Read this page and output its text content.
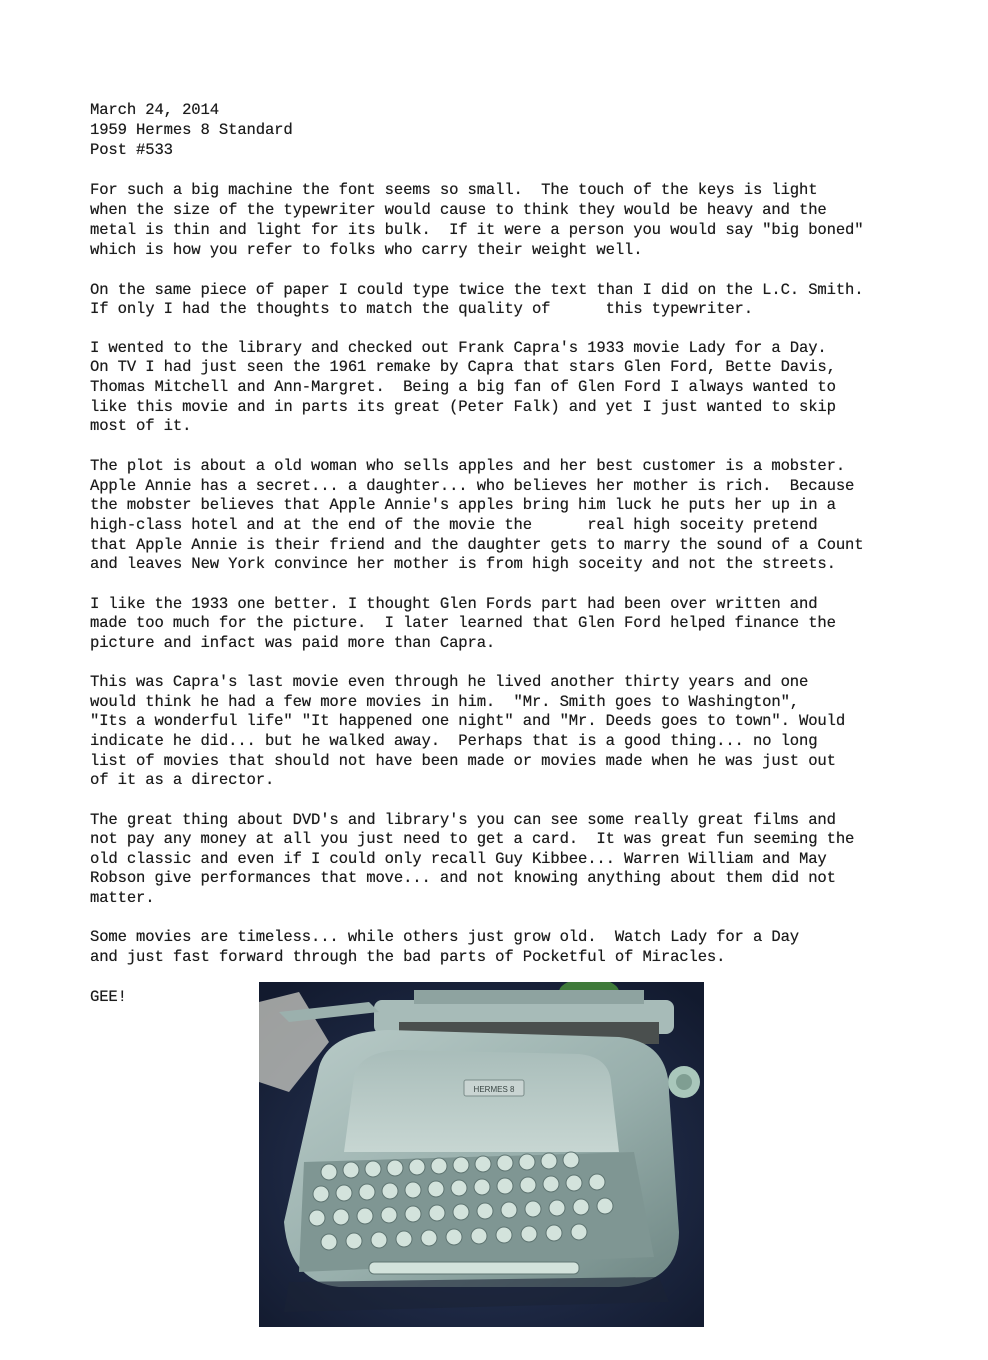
March 24, 2014
1959 Hermes 8 Standard
Post #533
For such a big machine the font seems so small.  The touch of the keys is light
when the size of the typewriter would cause to think they would be heavy and the
metal is thin and light for its bulk.  If it were a person you would say "big boned"
which is how you refer to folks who carry their weight well.
On the same piece of paper I could type twice the text than I did on the L.C. Smith.
If only I had the thoughts to match the quality of      this typewriter.
I wented to the library and checked out Frank Capra's 1933 movie Lady for a Day.
On TV I had just seen the 1961 remake by Capra that stars Glen Ford, Bette Davis,
Thomas Mitchell and Ann-Margret.  Being a big fan of Glen Ford I always wanted to
like this movie and in parts its great (Peter Falk) and yet I just wanted to skip
most of it.
The plot is about a old woman who sells apples and her best customer is a mobster.
Apple Annie has a secret... a daughter... who believes her mother is rich.  Because
the mobster believes that Apple Annie's apples bring him luck he puts her up in a
high-class hotel and at the end of the movie the      real high soceity pretend
that Apple Annie is their friend and the daughter gets to marry the sound of a Count
and leaves New York convince her mother is from high soceity and not the streets.
I like the 1933 one better. I thought Glen Fords part had been over written and
made too much for the picture.  I later learned that Glen Ford helped finance the
picture and infact was paid more than Capra.
This was Capra's last movie even through he lived another thirty years and one
would think he had a few more movies in him.  "Mr. Smith goes to Washington",
"Its a wonderful life" "It happened one night" and "Mr. Deeds goes to town". Would
indicate he did... but he walked away.  Perhaps that is a good thing... no long
list of movies that should not have been made or movies made when he was just out
of it as a director.
The great thing about DVD's and library's you can see some really great films and
not pay any money at all you just need to get a card.  It was great fun seeming the
old classic and even if I could only recall Guy Kibbee... Warren William and May
Robson give performances that move... and not knowing anything about them did not
matter.
Some movies are timeless... while others just grow old.  Watch Lady for a Day
and just fast forward through the bad parts of Pocketful of Miracles.
GEE!
HERMES 8
